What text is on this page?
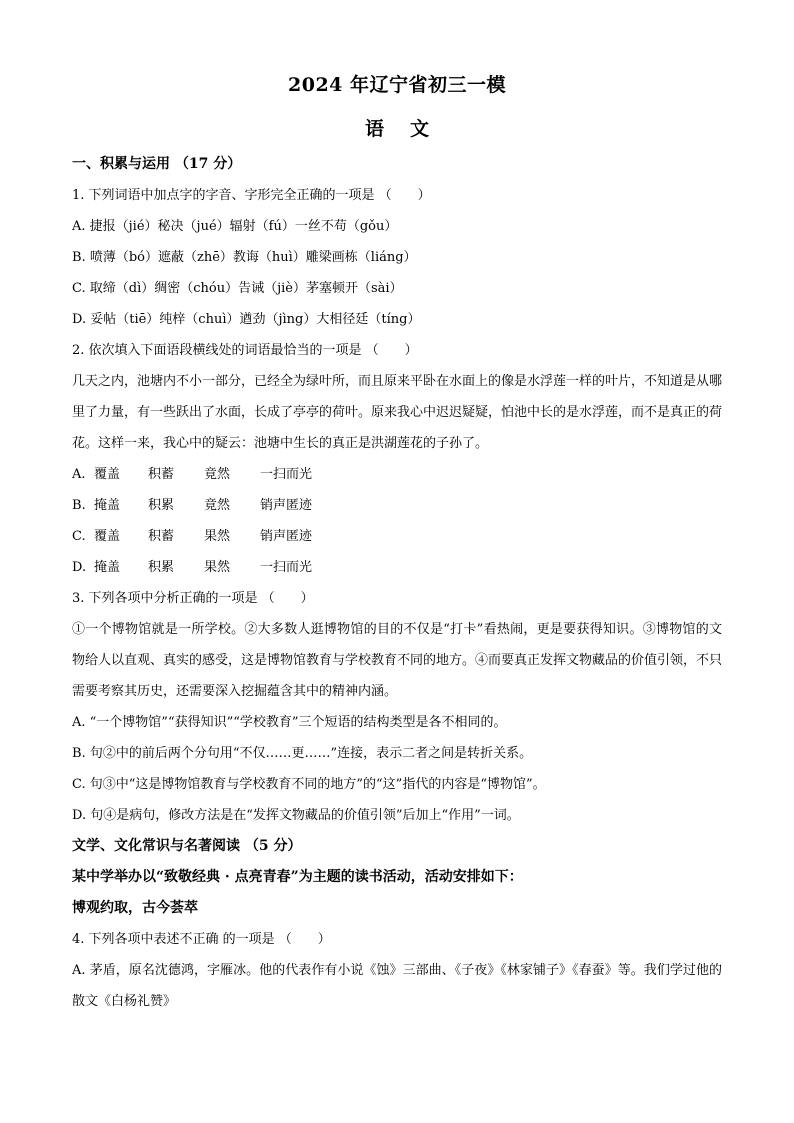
2024 年辽宁省初三一模
语文

一、积累与运用 （17 分）

1. 下列词语中加点字的字音、字形完全正确的一项是 （　　）

A. 捷报（jié）秘决（jué）辐射（fú）一丝不苟（gǒu）

B. 喷薄（bó）遮蔽（zhē）教诲（huì）雕梁画栋（liáng）

C. 取缔（dì）绸密（chóu）告诫（jiè）茅塞顿开（sài）

D. 妥帖（tiē）纯梓（chuì）遒劲（jìng）大相径廷（tíng）

2. 依次填入下面语段横线处的词语最恰当的一项是 （　　）

几天之内，池塘内不小一部分，已经全为绿叶所，而且原来平卧在水面上的像是水浮莲一样的叶片，不知道是从哪里了力量，有一些跃出了水面，长成了亭亭的荷叶。原来我心中迟迟疑疑，怕池中长的是水浮莲，而不是真正的荷花。这样一来，我心中的疑云：池塘中生长的真正是洪湖莲花的子孙了。

A. 覆盖 积蓄 竟然 一扫而光

B. 掩盖 积累 竟然 销声匿迹

C. 覆盖 积蓄 果然 销声匿迹

D. 掩盖 积累 果然 一扫而光

3. 下列各项中分析正确的一项是 （　　）

①一个博物馆就是一所学校。②大多数人逛博物馆的目的不仅是“打卡”看热闹，更是要获得知识。③博物馆的文物给人以直观、真实的感受，这是博物馆教育与学校教育不同的地方。④而要真正发挥文物藏品的价值引领，不只需要考察其历史，还需要深入挖掘蕴含其中的精神内涵。

A. “一个博物馆”“获得知识”“学校教育”三个短语的结构类型是各不相同的。

B. 句②中的前后两个分句用“不仅……更……”连接，表示二者之间是转折关系。

C. 句③中“这是博物馆教育与学校教育不同的地方”的“这”指代的内容是“博物馆”。

D. 句④是病句，修改方法是在“发挥文物藏品的价值引领”后加上“作用”一词。

文学、文化常识与名著阅读 （5 分）

某中学举办以“致敬经典 · 点亮青春”为主题的读书活动，活动安排如下：

博观约取，古今荟萃

4. 下列各项中表述不正确 的一项是 （　　）

A. 茅盾，原名沈德鸿，字雁冰。他的代表作有小说《蚀》三部曲、《子夜》《林家铺子》《春蚕》等。我们学过他的散文《白杨礼赞》
